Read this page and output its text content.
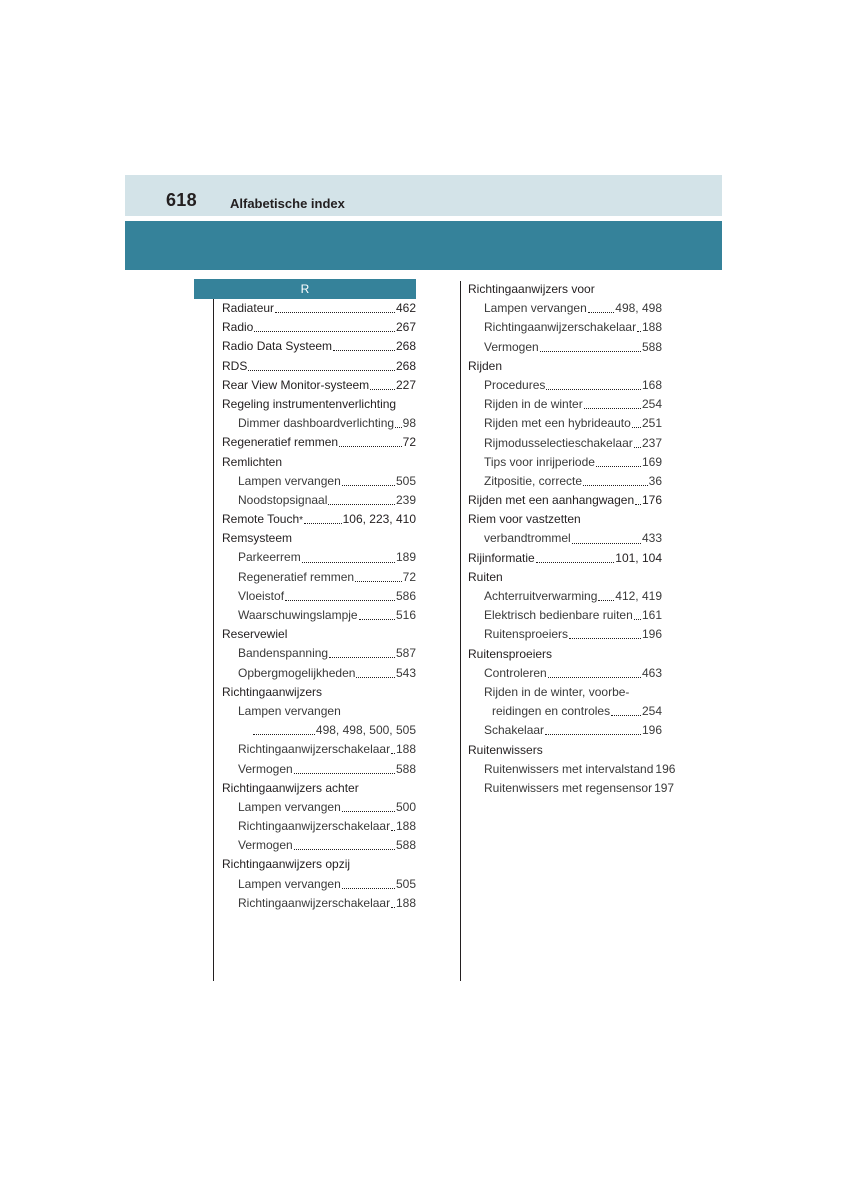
618	Alfabetische index
R
Radiateur	462
Radio	267
Radio Data Systeem	268
RDS	268
Rear View Monitor-systeem 227
Regeling instrumentenverlichting
Dimmer dashboardverlichting 98
Regeneratief remmen	72
Remlichten
Lampen vervangen	505
Noodstopsignaal	239
Remote Touch *	106, 223, 410
Remsysteem
Parkeerrem	189
Regeneratief remmen	72
Vloeistof	586
Waarschuwingslampje	516
Reservewiel
Bandenspanning	587
Opbergmogelijkheden	543
Richtingaanwijzers
Lampen vervangen
498, 498, 500, 505
Richtingaanwijzerschakelaar 188
Vermogen	588
Richtingaanwijzers achter
Lampen vervangen	500
Richtingaanwijzerschakelaar 188
Vermogen	588
Richtingaanwijzers opzij
Lampen vervangen	505
Richtingaanwijzerschakelaar 188
Richtingaanwijzers voor
Lampen vervangen 498, 498
Richtingaanwijzerschakelaar 188
Vermogen	588
Rijden
Procedures	168
Rijden in de winter	254
Rijden met een hybrideauto 251
Rijmodusselectieschakelaar 237
Tips voor inrijperiode	169
Zitpositie, correcte	36
Rijden met een aanhangwagen 176
Riem voor vastzetten
verbandtrommel	433
Rijinformatie	101, 104
Ruiten
Achterruitverwarming 412, 419
Elektrisch bedienbare ruiten 161
Ruitensproeiers	196
Ruitensproeiers
Controleren	463
Rijden in de winter, voorbe-
reidingen en controles	254
Schakelaar	196
Ruitenwissers
Ruitenwissers met intervalstand 196
Ruitenwissers met regensensor 197
